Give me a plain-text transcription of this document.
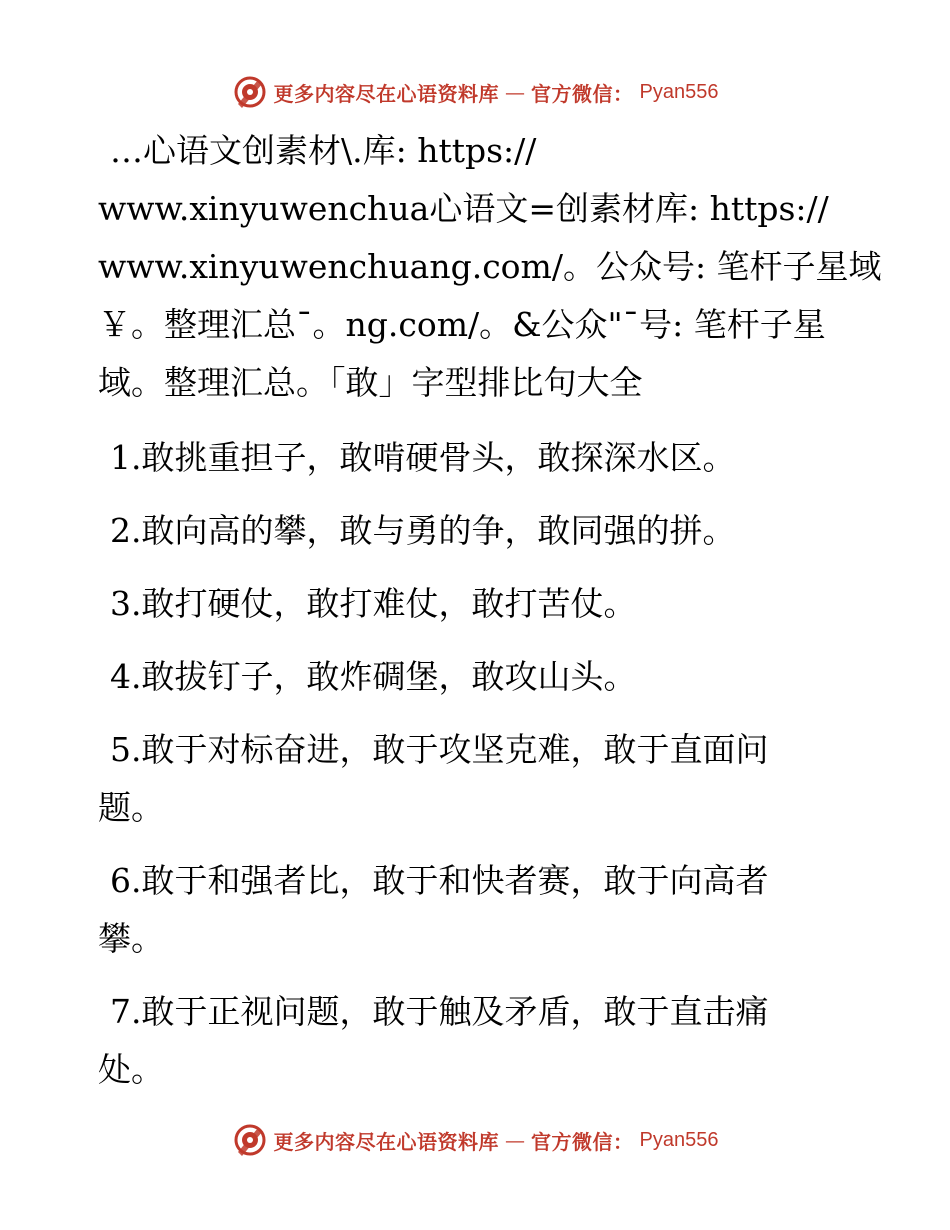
更多内容尽在心语资料库 — 官方微信： Pyan556

…心语文创素材\.库: https://
www.xinyuwenchua心语文=创素材库: https://
www.xinyuwenchuang.com/。公众号: 笔杆子星域
￥。整理汇总¯。ng.com/。&公众"¯号: 笔杆子星
域。整理汇总。「敢」字型排比句大全

1.敢挑重担子，敢啃硬骨头，敢探深水区。

2.敢向高的攀，敢与勇的争，敢同强的拼。

3.敢打硬仗，敢打难仗，敢打苦仗。

4.敢拔钉子，敢炸碉堡，敢攻山头。

5.敢于对标奋进，敢于攻坚克难，敢于直面问
题。

6.敢于和强者比，敢于和快者赛，敢于向高者
攀。

7.敢于正视问题，敢于触及矛盾，敢于直击痛
处。

更多内容尽在心语资料库 — 官方微信： Pyan556
